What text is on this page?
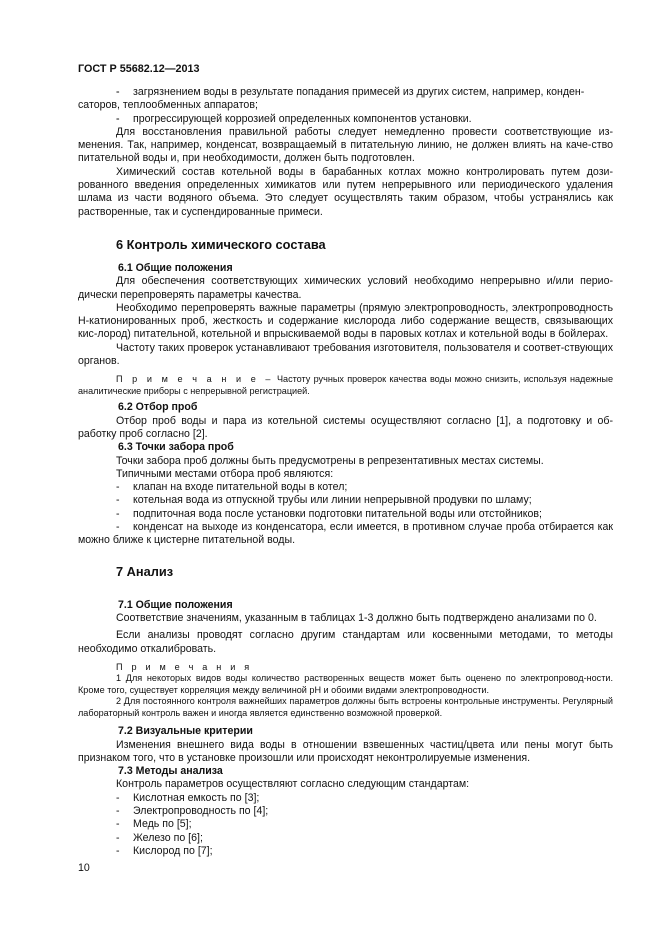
ГОСТ Р 55682.12—2013
- - загрязнением воды в результате попадания примесей из других систем, например, конден-

саторов, теплообменных аппаратов;

- - прогрессирующей коррозией определенных компонентов установки.

Для восстановления правильной работы следует немедленно провести соответствующие из-менения. Так, например, конденсат, возвращаемый в питательную линию, не должен влиять на каче-ство питательной воды и, при необходимости, должен быть подготовлен.

Химический состав котельной воды в барабанных котлах можно контролировать путем дози-рованного введения определенных химикатов или путем непрерывного или периодического удаления шлама из части водяного объема. Это следует осуществлять таким образом, чтобы устранялись как растворенные, так и суспендированные примеси.

6 Контроль химического состава
6.1 Общие положения

Для обеспечения соответствующих химических условий необходимо непрерывно и/или перио-дически перепроверять параметры качества.

Необходимо перепроверять важные параметры (прямую электропроводность, электропроводность Н-катионированных проб, жесткость и содержание кислорода либо содержание веществ, связывающих кис-лород) питательной, котельной и впрыскиваемой воды в паровых котлах и котельной воды в бойлерах.

Частоту таких проверок устанавливают требования изготовителя, пользователя и соответ-ствующих органов.

П р и м е ч а н и е – Частоту ручных проверок качества воды можно снизить, используя надежные аналитические приборы с непрерывной регистрацией.

6.2 Отбор проб

Отбор проб воды и пара из котельной системы осуществляют согласно [1], а подготовку и об-работку проб согласно [2].

6.3 Точки забора проб

Точки забора проб должны быть предусмотрены в репрезентативных местах системы.

Типичными местами отбора проб являются:

- клапан на входе питательной воды в котел;
- котельная вода из отпускной трубы или линии непрерывной продувки по шламу;
- подпиточная вода после установки подготовки питательной воды или отстойников;

- конденсат на выходе из конденсатора, если имеется, в противном случае проба отбирается как можно ближе к цистерне питательной воды.

7 Анализ
7.1 Общие положения

Соответствие значениям, указанным в таблицах 1-3 должно быть подтверждено анализами по 0.

Если анализы проводят согласно другим стандартам или косвенными методами, то методы необходимо откалибровать.

П р и м е ч а н и я

1 Для некоторых видов воды количество растворенных веществ может быть оценено по электропровод-ности. Кроме того, существует корреляция между величиной pH и обоими видами электропроводности.

2 Для постоянного контроля важнейших параметров должны быть встроены контрольные инструменты. Регулярный лабораторный контроль важен и иногда является единственно возможной проверкой.

7.2 Визуальные критерии

Изменения внешнего вида воды в отношении взвешенных частиц/цвета или пены могут быть признаком того, что в установке произошли или происходят неконтролируемые изменения.

7.3 Методы анализа

Контроль параметров осуществляют согласно следующим стандартам:

- Кислотная емкость по [3];
- Электропроводность по [4];
- Медь по [5];
- Железо по [6];
- Кислород по [7];
10
